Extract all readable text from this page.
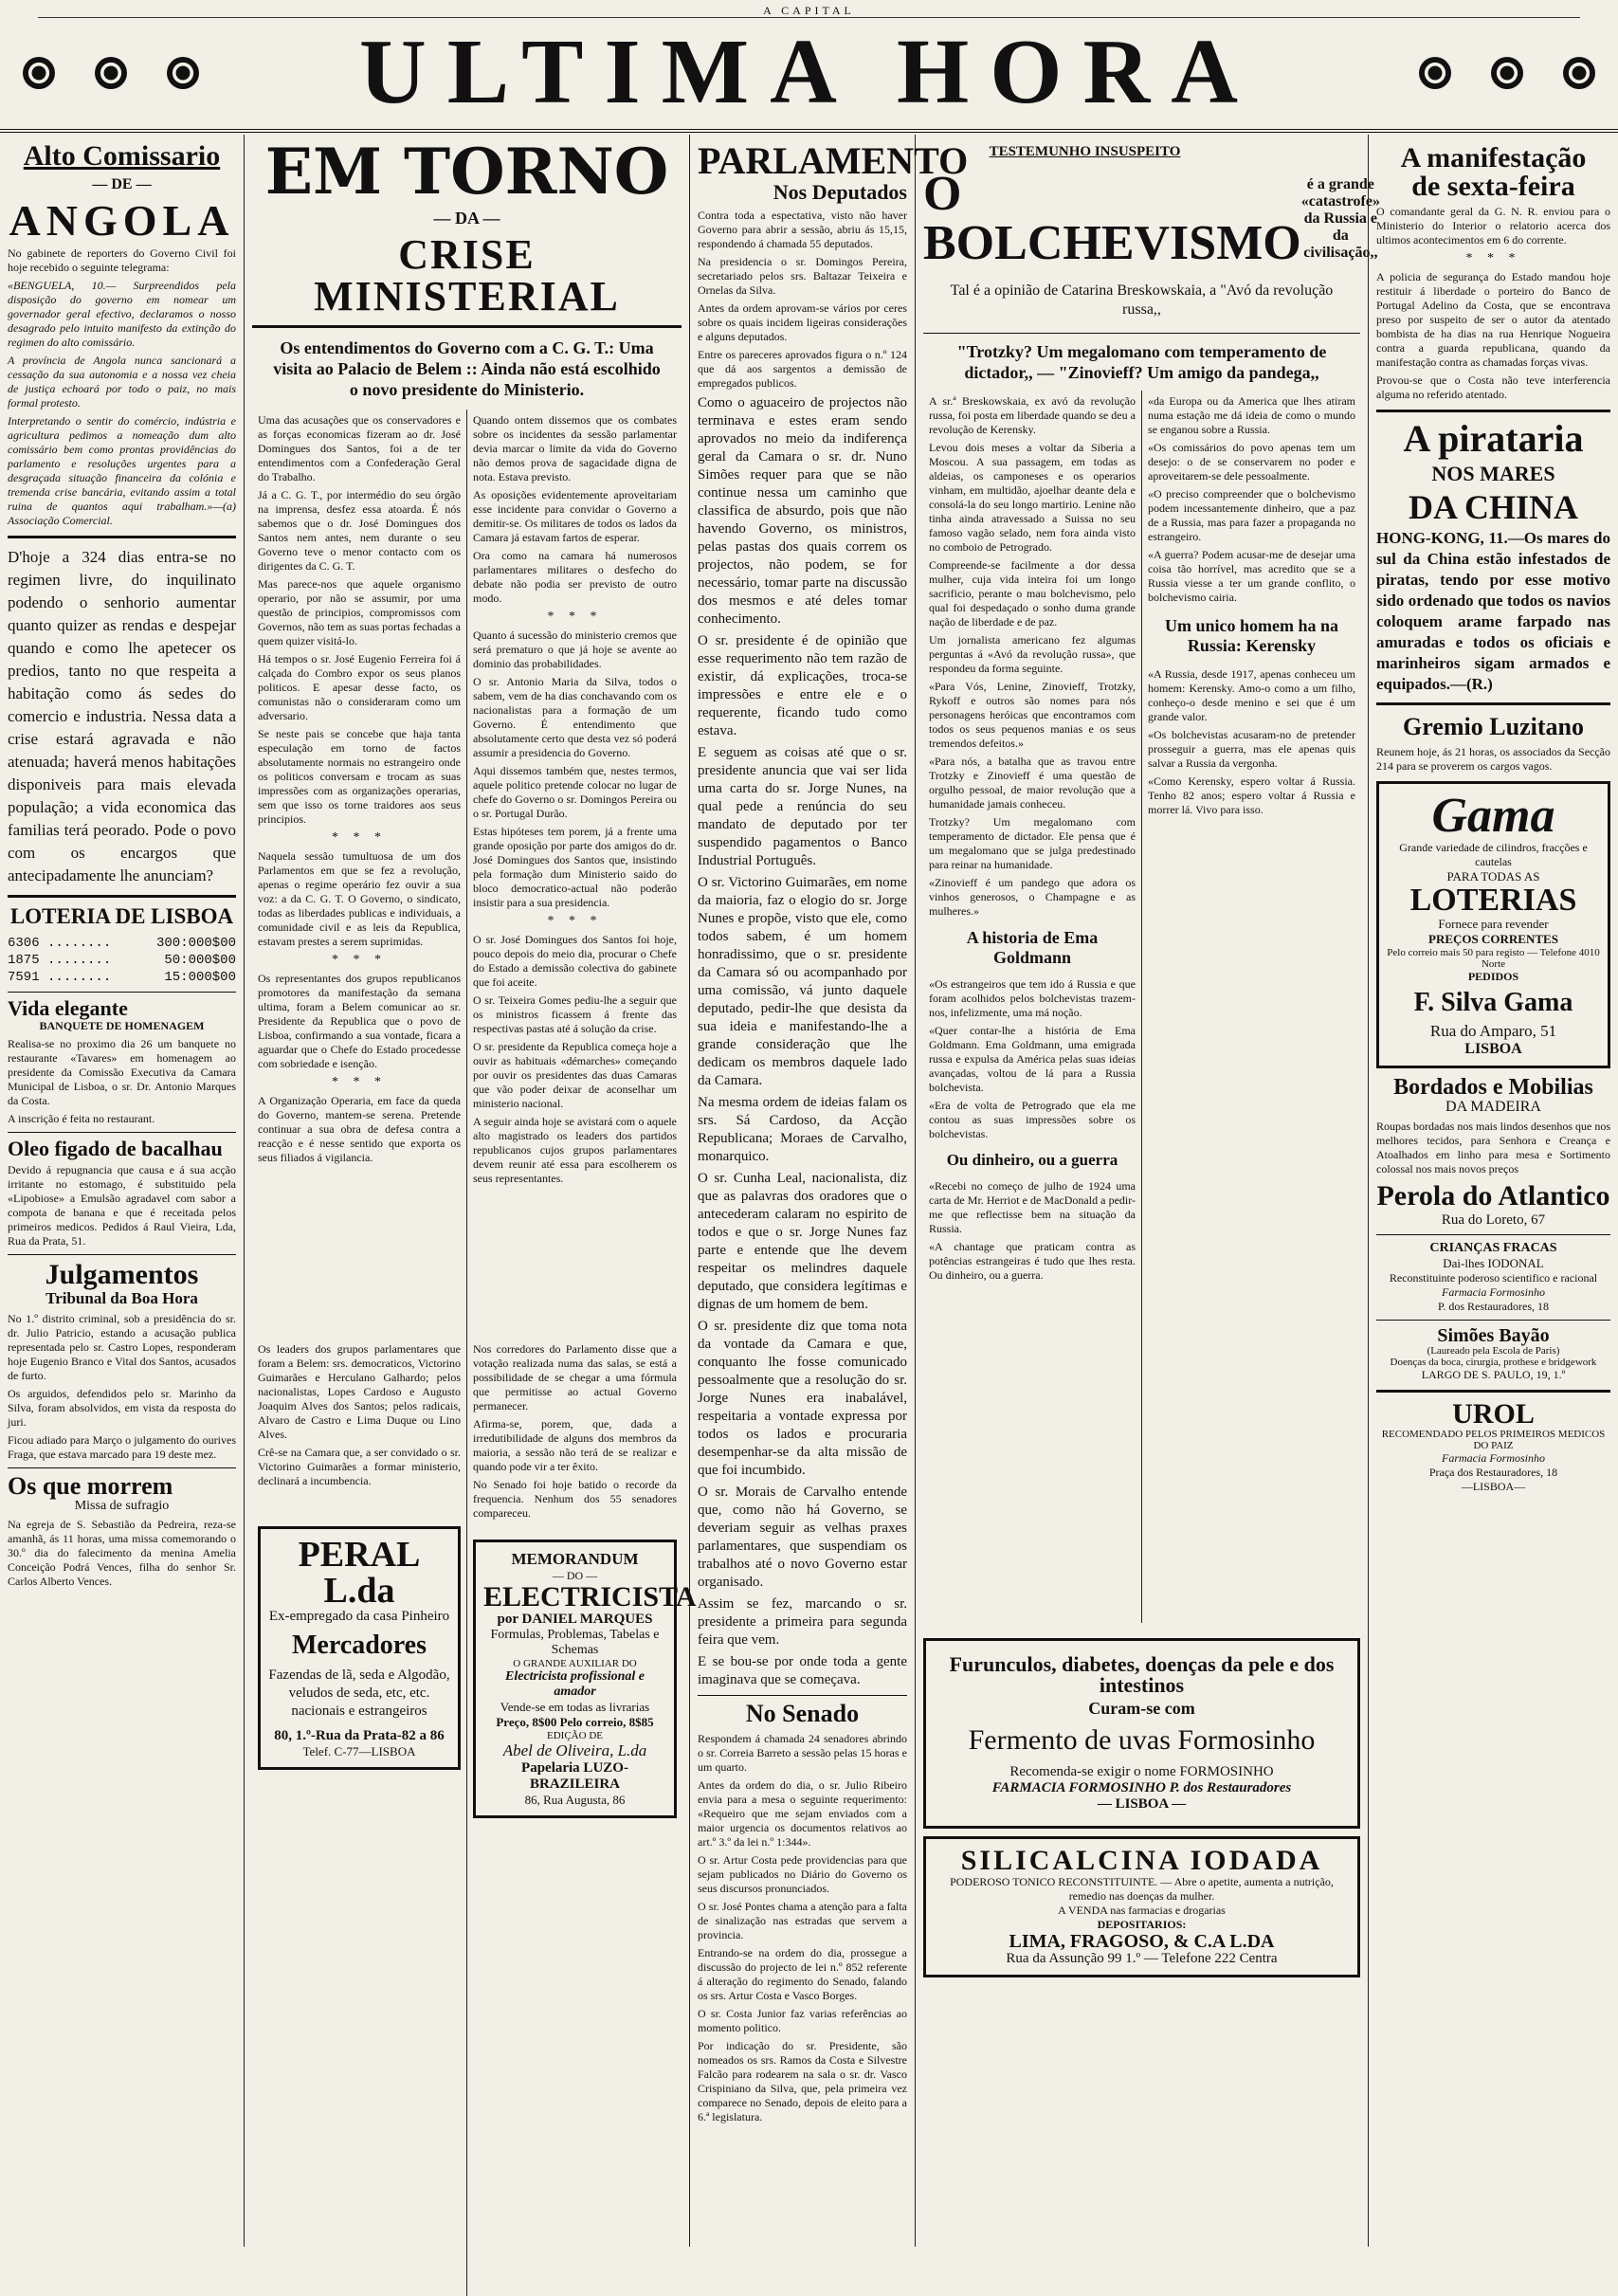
A CAPITAL
ULTIMA HORA
Alto Comissario
— DE —
ANGOLA

No gabinete de reporters do Governo Civil foi hoje recebido o seguinte telegrama:

«BENGUELA, 10.— Surpreendidos pela disposição do governo em nomear um governador geral efectivo, declaramos o nosso desagrado pelo intuito manifesto da extinção do regimen do alto comissário.

A província de Angola nunca sancionará a cessação da sua autonomia e a nossa vez cheia de justiça echoará por todo o paiz, no mais formal protesto.

Interpretando o sentir do comércio, indústria e agricultura pedimos a nomeação dum alto comissário bem como prontas providências do parlamento e resoluções urgentes para a desgraçada situação financeira da colónia e tremenda crise bancária, evitando assim a total ruina de quantos aqui trabalham.»—(a) Associação Comercial.

D'hoje a 324 dias entra-se no regimen livre, do inquilinato podendo o senhorio aumentar quanto quizer as rendas e despejar quando e como lhe apetecer os predios, tanto no que respeita a habitação como ás sedes do comercio e industria. Nessa data a crise estará agravada e não atenuada; haverá menos habitações disponiveis para mais elevada população; a vida economica das familias terá peorado. Pode o povo com os encargos que antecipadamente lhe anunciam?

LOTERIA DE LISBOA
6306 ........	300:000$00
1875 ........	50:000$00
7591 ........	15:000$00
Vida elegante
BANQUETE DE HOMENAGEM

Realisa-se no proximo dia 26 um banquete no restaurante «Tavares» em homenagem ao presidente da Comissão Executiva da Camara Municipal de Lisboa, o sr. Dr. Antonio Marques da Costa.

A inscrição é feita no restaurant.

Oleo figado de bacalhau

Devido á repugnancia que causa e á sua acção irritante no estomago, é substituido pela «Lipobiose» a Emulsão agradavel com sabor a compota de banana e que é receitada pelos primeiros medicos. Pedidos á Raul Vieira, Lda, Rua da Prata, 51.

Julgamentos
Tribunal da Boa Hora

No 1.º distrito criminal, sob a presidência do sr. dr. Julio Patricio, estando a acusação publica representada pelo sr. Castro Lopes, responderam hoje Eugenio Branco e Vital dos Santos, acusados de furto.

Os arguidos, defendidos pelo sr. Marinho da Silva, foram absolvidos, em vista da resposta do juri.

Ficou adiado para Março o julgamento do ourives Fraga, que estava marcado para 19 deste mez.

Os que morrem
Missa de sufragio

Na egreja de S. Sebastião da Pedreira, reza-se amanhã, ás 11 horas, uma missa comemorando o 30.º dia do falecimento da menina Amelia Conceição Podrá Vences, filha do senhor Sr. Carlos Alberto Vences.

EM TORNO
— DA —
CRISE MINISTERIAL
Os entendimentos do Governo com a C. G. T.: Uma visita ao Palacio de Belem :: Ainda não está escolhido o novo presidente do Ministerio.

Uma das acusações que os conservadores e as forças economicas fizeram ao dr. José Domingues dos Santos, foi a de ter entendimentos com a Confederação Geral do Trabalho.

Já a C. G. T., por intermédio do seu órgão na imprensa, desfez essa atoarda. É nós sabemos que o dr. José Domingues dos Santos nem antes, nem durante o seu Governo teve o menor contacto com os dirigentes da C. G. T.

Mas parece-nos que aquele organismo operario, por não se assumir, por uma questão de principios, compromissos com Governos, não tem as suas portas fechadas a quem quizer visitá-lo.

Há tempos o sr. José Eugenio Ferreira foi á calçada do Combro expor os seus planos politicos. E apesar desse facto, os comunistas não o consideraram como um adversario.

Se neste pais se concebe que haja tanta especulação em torno de factos absolutamente normais no estrangeiro onde os politicos conversam e trocam as suas impressões com as organizações operarias, sem que isso os torne traidores aos seus principios.

* * *

Naquela sessão tumultuosa de um dos Parlamentos em que se fez a revolução, apenas o regime operário fez ouvir a sua voz: a da C. G. T. O Governo, o sindicato, todas as liberdades publicas e individuais, a comunidade civil e as leis da Republica, estavam prestes a serem suprimidas.

* * *

Os representantes dos grupos republicanos promotores da manifestação da semana ultima, foram a Belem comunicar ao sr. Presidente da Republica que o povo de Lisboa, confirmando a sua vontade, ficara a aguardar que o Chefe do Estado procedesse com sobriedade e isenção.

* * *

A Organização Operaria, em face da queda do Governo, mantem-se serena. Pretende continuar a sua obra de defesa contra a reacção e é nesse sentido que exporta os seus filiados á vigilancia.

Quando ontem dissemos que os combates sobre os incidentes da sessão parlamentar devia marcar o limite da vida do Governo não demos prova de sagacidade digna de nota. Estava previsto.

As oposições evidentemente aproveitariam esse incidente para convidar o Governo a demitir-se. Os militares de todos os lados da Camara já estavam fartos de esperar.

Ora como na camara há numerosos parlamentares militares o desfecho do debate não podia ser previsto de outro modo.

* * *

Quanto á sucessão do ministerio cremos que será prematuro o que já hoje se avente ao dominio das probabilidades.

O sr. Antonio Maria da Silva, todos o sabem, vem de ha dias conchavando com os nacionalistas para a formação de um Governo. É entendimento que absolutamente certo que desta vez só poderá assumir a presidencia do Governo.

Aqui dissemos também que, nestes termos, aquele politico pretende colocar no lugar de chefe do Governo o sr. Domingos Pereira ou o sr. Portugal Durão.

Estas hipóteses tem porem, já a frente uma grande oposição por parte dos amigos do dr. José Domingues dos Santos que, insistindo pela formação dum Ministerio saido do bloco democratico-actual não poderão insistir para a sua presidencia.

* * *

O sr. José Domingues dos Santos foi hoje, pouco depois do meio dia, procurar o Chefe do Estado a demissão colectiva do gabinete que foi aceite.

O sr. Teixeira Gomes pediu-lhe a seguir que os ministros ficassem á frente das respectivas pastas até á solução da crise.

O sr. presidente da Republica começa hoje a ouvir as habituais «démarches» começando por ouvir os presidentes das duas Camaras que vão poder deixar de aconselhar um ministerio nacional.

A seguir ainda hoje se avistará com o aquele alto magistrado os leaders dos partidos republicanos cujos grupos parlamentares devem reunir até essa para escolherem os seus representantes.

Os leaders dos grupos parlamentares que foram a Belem: srs. democraticos, Victorino Guimarães e Herculano Galhardo; pelos nacionalistas, Lopes Cardoso e Augusto Joaquim Alves dos Santos; pelos radicais, Alvaro de Castro e Lima Duque ou Lino Alves.

Crê-se na Camara que, a ser convidado o sr. Victorino Guimarães a formar ministerio, declinará a incumbencia.

PERAL L.da
Ex-empregado da casa Pinheiro
Mercadores
Fazendas de lã, seda e Algodão, veludos de seda, etc, etc. nacionais e estrangeiros
80, 1.º-Rua da Prata-82 a 86
Telef. C-77—LISBOA

Nos corredores do Parlamento disse que a votação realizada numa das salas, se está a possibilidade de se chegar a uma fórmula que permitisse ao actual Governo permanecer.

Afirma-se, porem, que, dada a irredutibilidade de alguns dos membros da maioria, a sessão não terá de se realizar e quando pode vir a ter êxito.

No Senado foi hoje batido o recorde da frequencia. Nenhum dos 55 senadores compareceu.

MEMORANDUM
— DO —
ELECTRICISTA
por DANIEL MARQUES
Formulas, Problemas, Tabelas e Schemas
O GRANDE AUXILIAR DO
Electricista profissional e amador
Vende-se em todas as livrarias
Preço, 8$00 Pelo correio, 8$85
EDIÇÃO DE
Abel de Oliveira, L.da
Papelaria LUZO-BRAZILEIRA
86, Rua Augusta, 86
PARLAMENTO
Nos Deputados

Contra toda a espectativa, visto não haver Governo para abrir a sessão, abriu ás 15,15, respondendo á chamada 55 deputados.

Na presidencia o sr. Domingos Pereira, secretariado pelos srs. Baltazar Teixeira e Ornelas da Silva.

Antes da ordem aprovam-se vários por ceres sobre os quais incidem ligeiras considerações e alguns deputados.

Entre os pareceres aprovados figura o n.º 124 que dá aos sargentos a demissão de empregados publicos.

Como o aguaceiro de projectos não terminava e estes eram sendo aprovados no meio da indiferença geral da Camara o sr. dr. Nuno Simões requer para que se não continue nessa um caminho que classifica de absurdo, pois que não havendo Governo, os ministros, pelas pastas dos quais correm os projectos, não podem, se for necessário, tomar parte na discussão dos mesmos e até deles tomar conhecimento.

O sr. presidente é de opinião que esse requerimento não tem razão de existir, dá explicações, troca-se impressões e entre ele e o requerente, ficando tudo como estava.

E seguem as coisas até que o sr. presidente anuncia que vai ser lida uma carta do sr. Jorge Nunes, na qual pede a renúncia do seu mandato de deputado por ter suspendido pagamentos o Banco Industrial Português.

O sr. Victorino Guimarães, em nome da maioria, faz o elogio do sr. Jorge Nunes e propõe, visto que ele, como todos sabem, é um homem honradissimo, que o sr. presidente da Camara só ou acompanhado por uma comissão, vá junto daquele deputado, pedir-lhe que desista da sua ideia e manifestando-lhe a grande consideração que lhe dedicam os membros daquele lado da Camara.

Na mesma ordem de ideias falam os srs. Sá Cardoso, da Acção Republicana; Moraes de Carvalho, monarquico.

O sr. Cunha Leal, nacionalista, diz que as palavras dos oradores que o antecederam calaram no espirito de todos e que o sr. Jorge Nunes faz parte e entende que lhe devem respeitar os melindres daquele deputado, que considera legítimas e dignas de um homem de bem.

O sr. presidente diz que toma nota da vontade da Camara e que, conquanto lhe fosse comunicado pessoalmente que a resolução do sr. Jorge Nunes era inabalável, respeitaria a vontade expressa por todos os lados e procuraria desempenhar-se da alta missão de que foi incumbido.

O sr. Morais de Carvalho entende que, como não há Governo, se deveriam seguir as velhas praxes parlamentares, que suspendiam os trabalhos até o novo Governo estar organisado.

Assim se fez, marcando o sr. presidente a primeira para segunda feira que vem.

E se bou-se por onde toda a gente imaginava que se começava.

No Senado

Respondem á chamada 24 senadores abrindo o sr. Correia Barreto a sessão pelas 15 horas e um quarto.

Antes da ordem do dia, o sr. Julio Ribeiro envia para a mesa o seguinte requerimento: «Requeiro que me sejam enviados com a maior urgencia os documentos relativos ao art.º 3.º da lei n.º 1:344».

O sr. Artur Costa pede providencias para que sejam publicados no Diário do Governo os seus discursos pronunciados.

O sr. José Pontes chama a atenção para a falta de sinalização nas estradas que servem a provincia.

Entrando-se na ordem do dia, prossegue a discussão do projecto de lei n.º 852 referente á alteração do regimento do Senado, falando os srs. Artur Costa e Vasco Borges.

O sr. Costa Junior faz varias referências ao momento politico.

Por indicação do sr. Presidente, são nomeados os srs. Ramos da Costa e Silvestre Falcão para rodearem na sala o sr. dr. Vasco Crispiniano da Silva, que, pela primeira vez comparece no Senado, depois de eleito para a 6.ª legislatura.

TESTEMUNHO INSUSPEITO
O BOLCHEVISMO
é a grande «catastrofe» da Russia e da civilisação,,

Tal é a opinião de Catarina Breskowskaia, a "Avó da revolução russa,,

"Trotzky? Um megalomano com temperamento de dictador,, — "Zinovieff? Um amigo da pandega,,

A sr.ª Breskowskaia, ex avó da revolução russa, foi posta em liberdade quando se deu a revolução de Kerensky.

Levou dois meses a voltar da Siberia a Moscou. A sua passagem, em todas as aldeias, os camponeses e os operarios vinham, em multidão, ajoelhar deante dela e consolá-la do seu longo martirio. Lenine não tinha ainda atravessado a Suissa no seu famoso vagão selado, nem fora ainda visto no comboio de Petrogrado.

Compreende-se facilmente a dor dessa mulher, cuja vida inteira foi um longo sacrificio, perante o mau bolchevismo, pelo qual foi despedaçado o sonho duma grande nação de liberdade e de paz.

Um jornalista americano fez algumas perguntas á «Avó da revolução russa», que respondeu da forma seguinte.

«Para Vós, Lenine, Zinovieff, Trotzky, Rykoff e outros são nomes para nós personagens heróicas que encontramos com todos os seus pequenos manias e os seus tremendos defeitos.»

«Para nós, a batalha que as travou entre Trotzky e Zinovieff é uma questão de orgulho pessoal, de maior revolução que a humanidade jamais conheceu.

Trotzky? Um megalomano com temperamento de dictador. Ele pensa que é um megalomano que se julga predestinado para reinar na humanidade.

«Zinovieff é um pandego que adora os vinhos generosos, o Champagne e as mulheres.»

A historia de Ema Goldmann

«Os estrangeiros que tem ido á Russia e que foram acolhidos pelos bolchevistas trazem-nos, infelizmente, uma má noção.

«Quer contar-lhe a história de Ema Goldmann. Ema Goldmann, uma emigrada russa e expulsa da América pelas suas ideias avançadas, voltou de lá para a Russia bolchevista.

«Era de volta de Petrogrado que ela me contou as suas impressões sobre os bolchevistas.

Ou dinheiro, ou a guerra

«Recebi no começo de julho de 1924 uma carta de Mr. Herriot e de MacDonald a pedir-me que reflectisse bem na situação da Russia.

«A chantage que praticam contra as potências estrangeiras é tudo que lhes resta. Ou dinheiro, ou a guerra.

«da Europa ou da America que lhes atiram numa estação me dá ideia de como o mundo se enganou sobre a Russia.

«Os comissários do povo apenas tem um desejo: o de se conservarem no poder e aproveitarem-se dele pessoalmente.

«O preciso compreender que o bolchevismo podem incessantemente dinheiro, que a paz de a Russia, mas para fazer a propaganda no estrangeiro.

«A guerra? Podem acusar-me de desejar uma coisa tão horrível, mas acredito que se a Russia viesse a ter um grande conflito, o bolchevismo cairia.

Um unico homem ha na Russia: Kerensky

«A Russia, desde 1917, apenas conheceu um homem: Kerensky. Amo-o como a um filho, conheço-o desde menino e sei que é um grande valor.

«Os bolchevistas acusaram-no de pretender prosseguir a guerra, mas ele apenas quis salvar a Russia da vergonha.

«Como Kerensky, espero voltar á Russia. Tenho 82 anos; espero voltar á Russia e morrer lá. Vivo para isso.

Furunculos, diabetes, doenças da pele e dos intestinos
Curam-se com
Fermento de uvas Formosinho
Recomenda-se exigir o nome FORMOSINHO
FARMACIA FORMOSINHO P. dos Restauradores
— LISBOA —
SILICALCINA IODADA
PODEROSO TONICO RECONSTITUINTE. — Abre o apetite, aumenta a nutrição, remedio nas doenças da mulher.
A VENDA nas farmacias e drogarias
DEPOSITARIOS:
LIMA, FRAGOSO, & C.A L.DA
Rua da Assunção 99 1.º — Telefone 222 Centra
A manifestação
de sexta-feira

O comandante geral da G. N. R. enviou para o Ministerio do Interior o relatorio acerca dos ultimos acontecimentos em 6 do corrente.

* * *

A policia de segurança do Estado mandou hoje restituir á liberdade o porteiro do Banco de Portugal Adelino da Costa, que se encontrava preso por suspeito de ser o autor da atentado bombista de ha dias na rua Henrique Nogueira contra a guarda republicana, quando da manifestação contra as chamadas forças vivas.

Provou-se que o Costa não teve interferencia alguma no referido atentado.

A pirataria
NOS MARES
DA CHINA

HONG-KONG, 11.—Os mares do sul da China estão infestados de piratas, tendo por esse motivo sido ordenado que todos os navios coloquem arame farpado nas amuradas e todos os oficiais e marinheiros sigam armados e equipados.—(R.)

Gremio Luzitano

Reunem hoje, ás 21 horas, os associados da Secção 214 para se proverem os cargos vagos.

Gama
Grande variedade de cilindros, fracções e cautelas
PARA TODAS AS
LOTERIAS
Fornece para revender
PREÇOS CORRENTES
Pelo correio mais 50 para registo — Telefone 4010 Norte
PEDIDOS
F. Silva Gama
Rua do Amparo, 51
LISBOA
Bordados e Mobilias
DA MADEIRA

Roupas bordadas nos mais lindos desenhos que nos melhores tecidos, para Senhora e Creança e Atoalhados em linho para mesa e Sortimento colossal nos mais novos preços

Perola do Atlantico
Rua do Loreto, 67
CRIANÇAS FRACAS
Dai-lhes IODONAL
Reconstituinte poderoso scientifico e racional
Farmacia Formosinho
P. dos Restauradores, 18
Simões Bayão
(Laureado pela Escola de Paris)
Doenças da boca, cirurgia, prothese e bridgework
LARGO DE S. PAULO, 19, 1.º
UROL
RECOMENDADO PELOS PRIMEIROS MEDICOS DO PAIZ
Farmacia Formosinho
Praça dos Restauradores, 18
—LISBOA—
